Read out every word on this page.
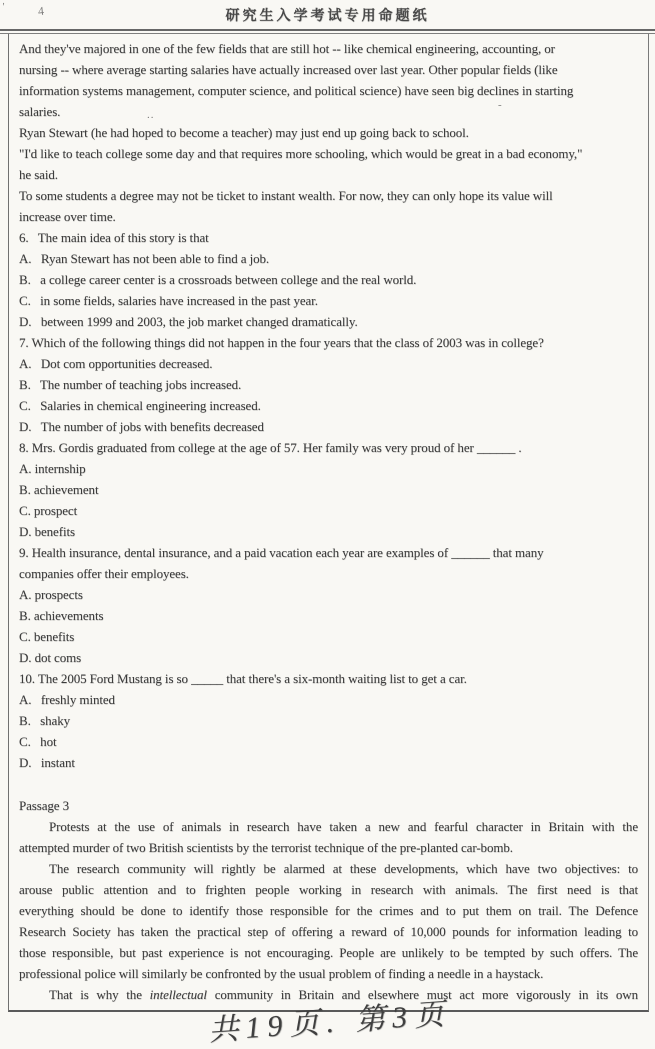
'	4
-
..
研究生入学考试专用命题纸
And they've majored in one of the few fields that are still hot -- like chemical engineering, accounting, or
nursing -- where average starting salaries have actually increased over last year. Other popular fields (like
information systems management, computer science, and political science) have seen big declines in starting
salaries.
Ryan Stewart (he had hoped to become a teacher) may just end up going back to school.
"I'd like to teach college some day and that requires more schooling, which would be great in a bad economy,"
he said.
To some students a degree may not be ticket to instant wealth. For now, they can only hope its value will
increase over time.
6.   The main idea of this story is that
A.   Ryan Stewart has not been able to find a job.
B.   a college career center is a crossroads between college and the real world.
C.   in some fields, salaries have increased in the past year.
D.   between 1999 and 2003, the job market changed dramatically.
7. Which of the following things did not happen in the four years that the class of 2003 was in college?
A.   Dot com opportunities decreased.
B.   The number of teaching jobs increased.
C.   Salaries in chemical engineering increased.
D.   The number of jobs with benefits decreased
8. Mrs. Gordis graduated from college at the age of 57. Her family was very proud of her ______ .
A. internship
B. achievement
C. prospect
D. benefits
9. Health insurance, dental insurance, and a paid vacation each year are examples of ______ that many
companies offer their employees.
A. prospects
B. achievements
C. benefits
D. dot coms
10. The 2005 Ford Mustang is so _____ that there's a six-month waiting list to get a car.
A.   freshly minted
B.   shaky
C.   hot
D.   instant
Passage 3
Protests at the use of animals in research have taken a new and fearful character in Britain with the
attempted murder of two British scientists by the terrorist technique of the pre-planted car-bomb.
The research community will rightly be alarmed at these developments, which have two objectives: to
arouse public attention and to frighten people working in research with animals. The first need is that
everything should be done to identify those responsible for the crimes and to put them on trail. The Defence
Research Society has taken the practical step of offering a reward of 10,000 pounds for information leading to
those responsible, but past experience is not encouraging. People are unlikely to be tempted by such offers. The
professional police will similarly be confronted by the usual problem of finding a needle in a haystack.
That is why the intellectual community in Britain and elsewhere must act more vigorously in its own
共19页. 第3页
